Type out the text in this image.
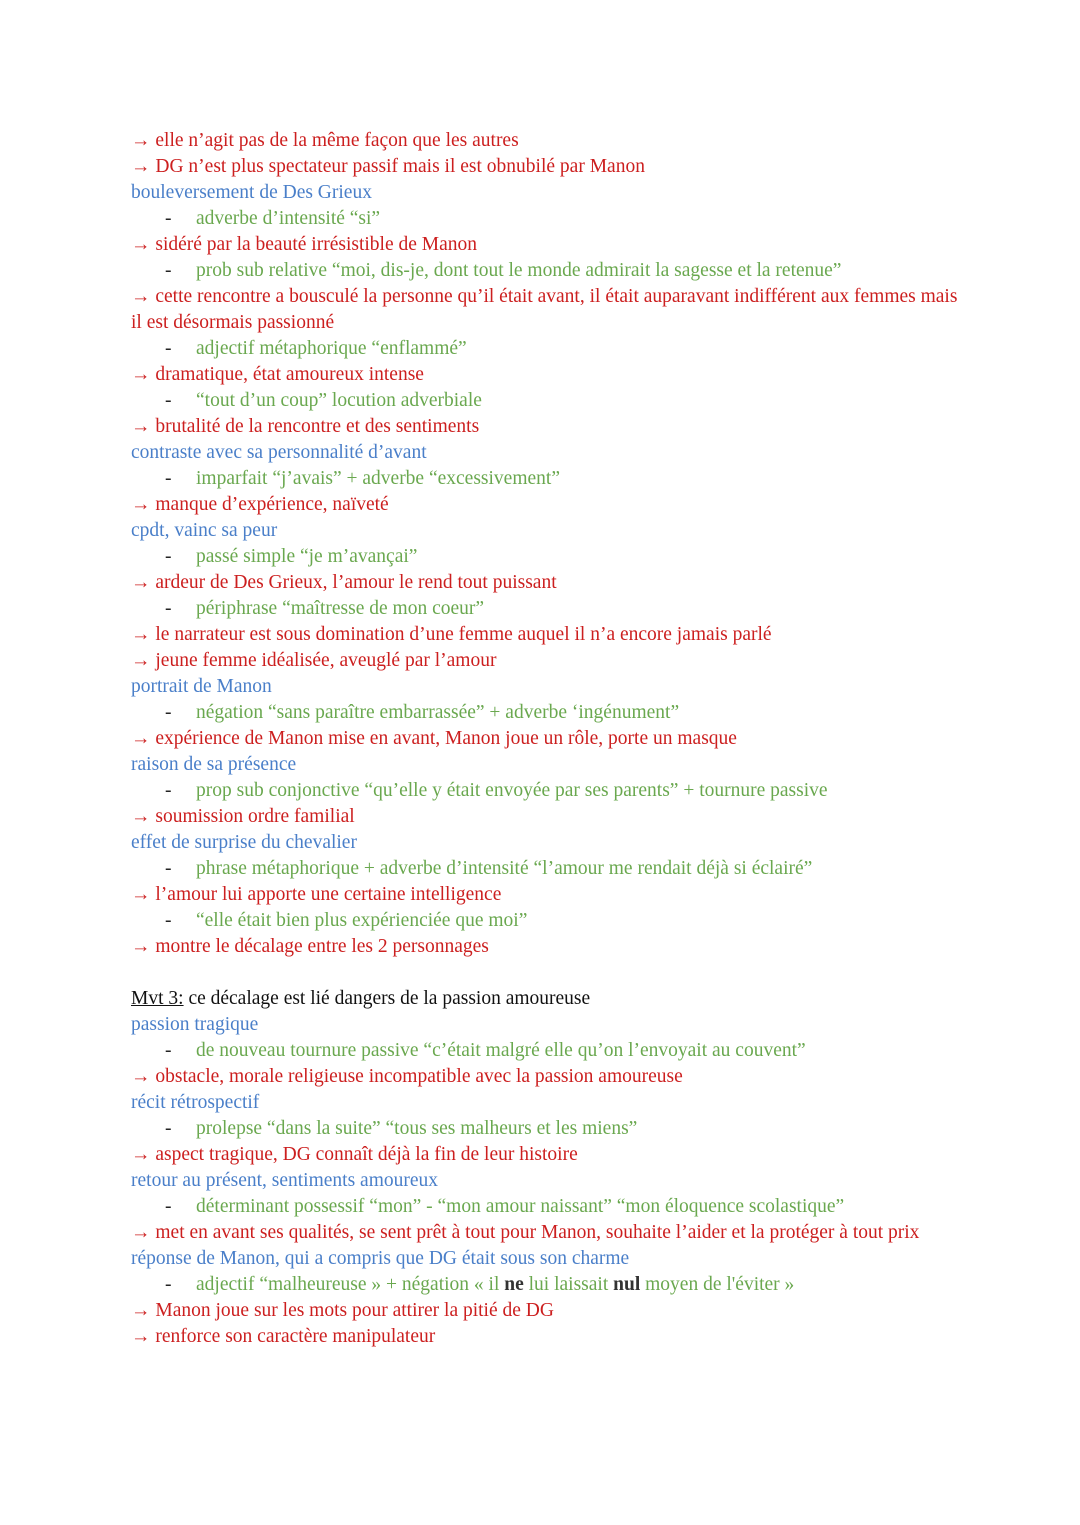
→ elle n’agit pas de la même façon que les autres
→ DG n’est plus spectateur passif mais il est obnubilé par Manon
bouleversement de Des Grieux
- adverbe d’intensité “si”
→ sidéré par la beauté irrésistible de Manon
- prob sub relative “moi, dis-je, dont tout le monde admirait la sagesse et la retenue”
→ cette rencontre a bousculé la personne qu’il était avant, il était auparavant indifférent aux femmes mais il est désormais passionné
- adjectif métaphorique “enflammé”
→ dramatique, état amoureux intense
- “tout d’un coup” locution adverbiale
→ brutalité de la rencontre et des sentiments
contraste avec sa personnalité d’avant
- imparfait “j’avais” + adverbe “excessivement”
→ manque d’expérience, naïveté
cpdt, vainc sa peur
- passé simple “je m’avançai”
→ ardeur de Des Grieux, l’amour le rend tout puissant
- périphrase “maîtresse de mon coeur”
→ le narrateur est sous domination d’une femme auquel il n’a encore jamais parlé
→ jeune femme idéalisée, aveuglé par l’amour
portrait de Manon
- négation “sans paraître embarrassée” + adverbe ‘ingénument”
→ expérience de Manon mise en avant, Manon joue un rôle, porte un masque
raison de sa présence
- prop sub conjonctive “qu’elle y était envoyée par ses parents” + tournure passive
→ soumission ordre familial
effet de surprise du chevalier
- phrase métaphorique + adverbe d’intensité “l’amour me rendait déjà si éclairé”
→ l’amour lui apporte une certaine intelligence
- “elle était bien plus expérienciée que moi”
→ montre le décalage entre les 2 personnages
Mvt 3: ce décalage est lié dangers de la passion amoureuse
passion tragique
- de nouveau tournure passive “c’était malgré elle qu’on l’envoyait au couvent”
→ obstacle, morale religieuse incompatible avec la passion amoureuse
récit rétrospectif
- prolepse “dans la suite” “tous ses malheurs et les miens”
→ aspect tragique, DG connaît déjà la fin de leur histoire
retour au présent, sentiments amoureux
- déterminant possessif “mon” - “mon amour naissant” “mon éloquence scolastique”
→ met en avant ses qualités, se sent prêt à tout pour Manon, souhaite l’aider et la protéger à tout prix
réponse de Manon, qui a compris que DG était sous son charme
- adjectif “malheureuse » + négation « il ne lui laissait nul moyen de l'éviter »
→ Manon joue sur les mots pour attirer la pitié de DG
→ renforce son caractère manipulateur
